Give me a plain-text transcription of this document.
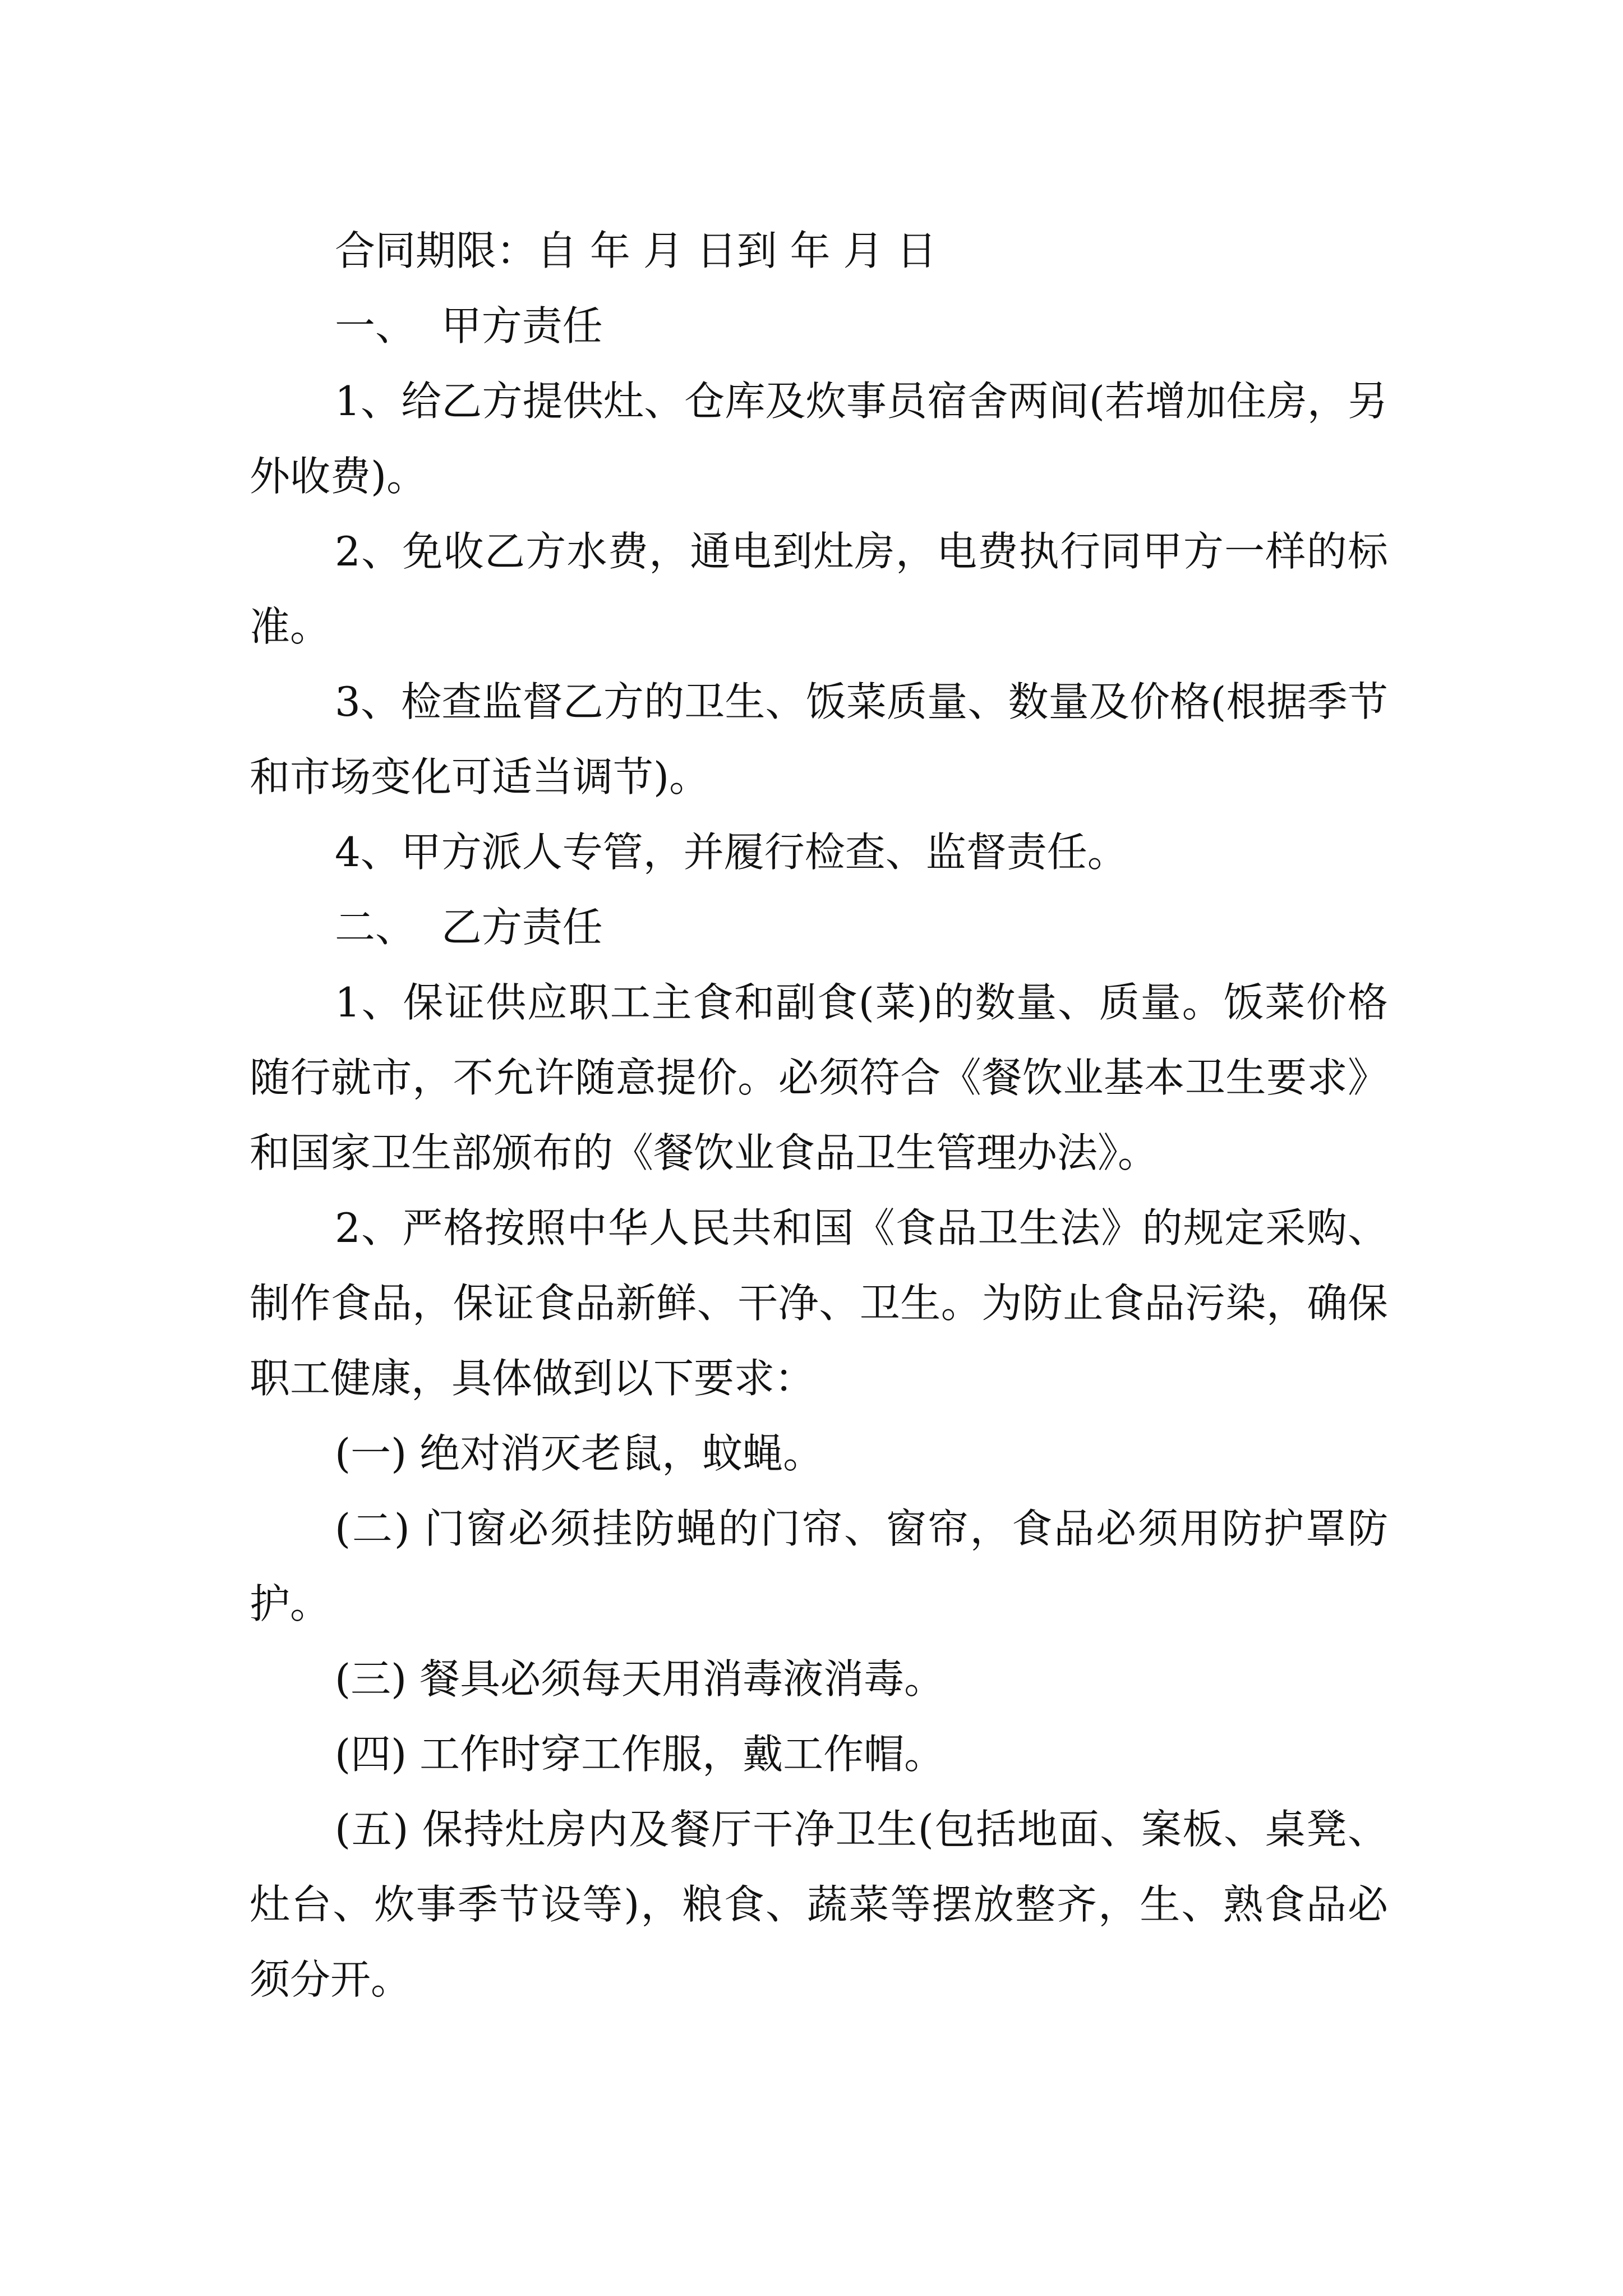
合同期限：自 年 月 日到 年 月 日

一、  甲方责任

1、给乙方提供灶、仓库及炊事员宿舍两间(若增加住房，另外收费)。

2、免收乙方水费，通电到灶房，电费执行同甲方一样的标准。

3、检查监督乙方的卫生、饭菜质量、数量及价格(根据季节和市场变化可适当调节)。

4、甲方派人专管，并履行检查、监督责任。

二、  乙方责任

1、保证供应职工主食和副食(菜)的数量、质量。饭菜价格随行就市，不允许随意提价。必须符合《餐饮业基本卫生要求》和国家卫生部颁布的《餐饮业食品卫生管理办法》。

2、严格按照中华人民共和国《食品卫生法》的规定采购、制作食品，保证食品新鲜、干净、卫生。为防止食品污染，确保职工健康，具体做到以下要求：

(一) 绝对消灭老鼠，蚊蝇。

(二) 门窗必须挂防蝇的门帘、窗帘，食品必须用防护罩防护。

(三) 餐具必须每天用消毒液消毒。

(四) 工作时穿工作服，戴工作帽。

(五) 保持灶房内及餐厅干净卫生(包括地面、案板、桌凳、灶台、炊事季节设等)，粮食、蔬菜等摆放整齐，生、熟食品必须分开。
